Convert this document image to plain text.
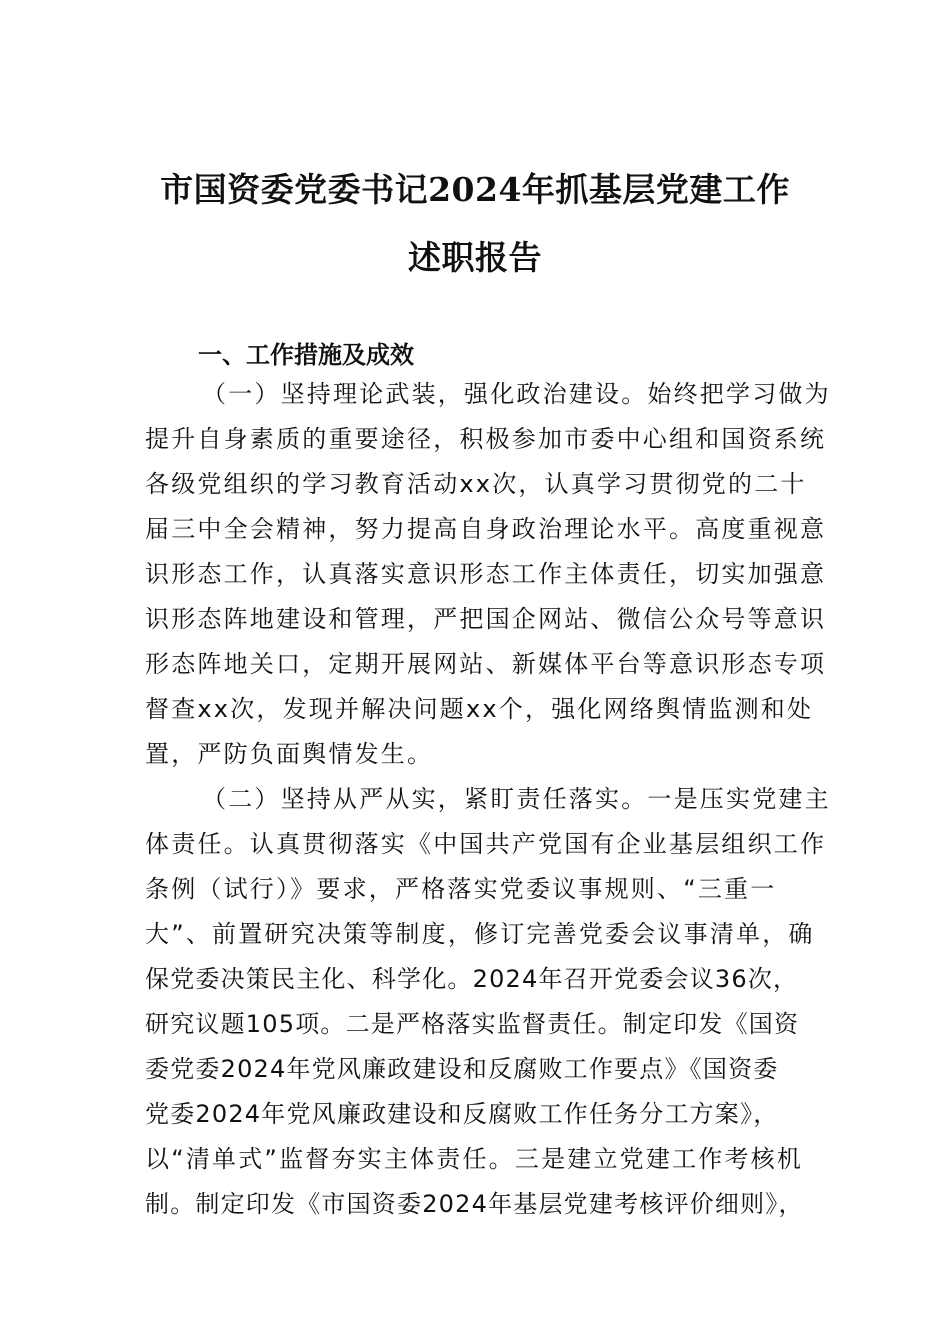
市国资委党委书记2024年抓基层党建工作
述职报告
一、工作措施及成效
（一）坚持理论武装，强化政治建设。始终把学习做为
提升自身素质的重要途径，积极参加市委中心组和国资系统
各级党组织的学习教育活动xx次，认真学习贯彻党的二十
届三中全会精神，努力提高自身政治理论水平。高度重视意
识形态工作，认真落实意识形态工作主体责任，切实加强意
识形态阵地建设和管理，严把国企网站、微信公众号等意识
形态阵地关口，定期开展网站、新媒体平台等意识形态专项
督查xx次，发现并解决问题xx个，强化网络舆情监测和处
置，严防负面舆情发生。
（二）坚持从严从实，紧盯责任落实。一是压实党建主
体责任。认真贯彻落实《中国共产党国有企业基层组织工作
条例（试行）》要求，严格落实党委议事规则、“三重一
大”、前置研究决策等制度，修订完善党委会议事清单，确
保党委决策民主化、科学化。2024年召开党委会议36次，
研究议题105项。二是严格落实监督责任。制定印发《国资
委党委2024年党风廉政建设和反腐败工作要点》《国资委
党委2024年党风廉政建设和反腐败工作任务分工方案》，
以“清单式”监督夯实主体责任。三是建立党建工作考核机
制。制定印发《市国资委2024年基层党建考核评价细则》，
